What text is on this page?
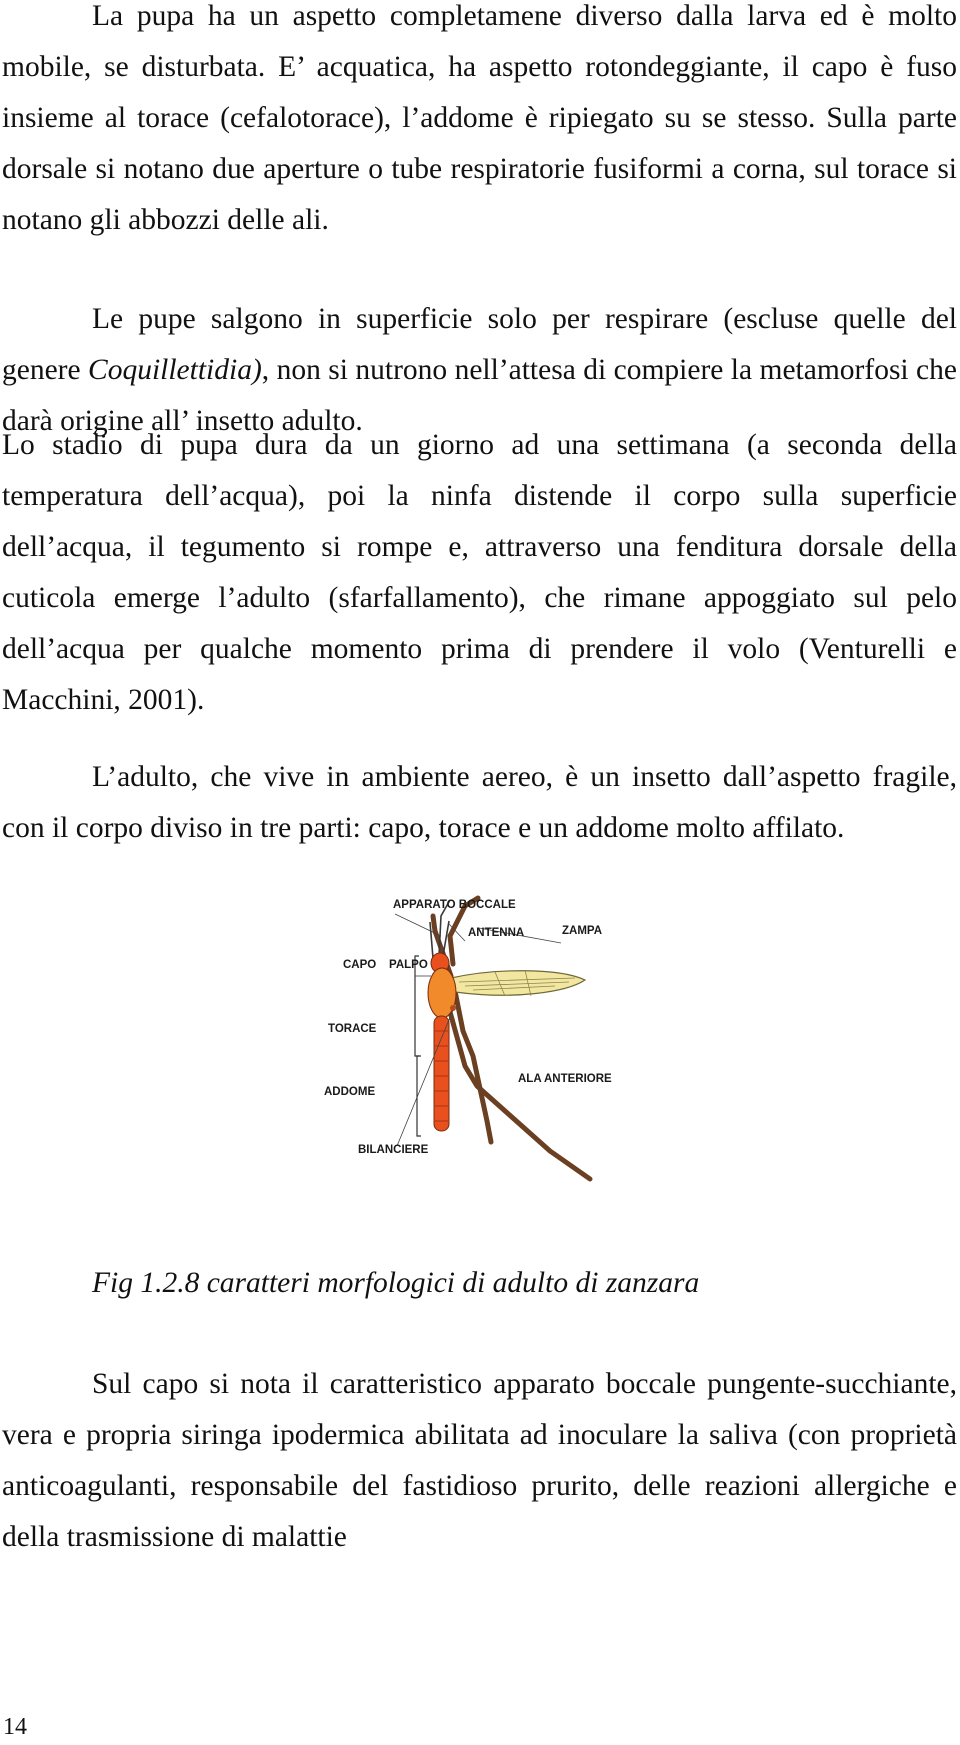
La pupa ha un aspetto completamene diverso dalla larva ed è molto mobile, se disturbata. E’ acquatica, ha aspetto rotondeggiante, il capo è fuso insieme al torace (cefalotorace), l’addome è ripiegato su se stesso. Sulla parte dorsale si notano due aperture o tube respiratorie fusiformi a corna, sul torace si notano gli abbozzi delle ali.

Le pupe salgono in superficie solo per respirare (escluse quelle del genere Coquillettidia), non si nutrono nell’attesa di compiere la metamorfosi che darà origine all’ insetto adulto.

Lo stadio di pupa dura da un giorno ad una settimana (a seconda della temperatura dell’acqua), poi la ninfa distende il corpo sulla superficie dell’acqua, il tegumento si rompe e, attraverso una fenditura dorsale della cuticola emerge l’adulto (sfarfallamento), che rimane appoggiato sul pelo dell’acqua per qualche momento prima di prendere il volo (Venturelli e Macchini, 2001).

L’adulto, che vive in ambiente aereo, è un insetto dall’aspetto fragile, con il corpo diviso in tre parti: capo, torace e un addome molto affilato.

APPARATO BOCCALE
ANTENNA	ZAMPA
CAPO PALPO
TORACE
ADDOME
ALA ANTERIORE
BILANCIERE

Fig 1.2.8 caratteri morfologici di adulto di zanzara

Sul capo si nota il caratteristico apparato boccale pungente-succhiante, vera e propria siringa ipodermica abilitata ad inoculare la saliva (con proprietà anticoagulanti, responsabile del fastidioso prurito, delle reazioni allergiche e della trasmissione di malattie

14
